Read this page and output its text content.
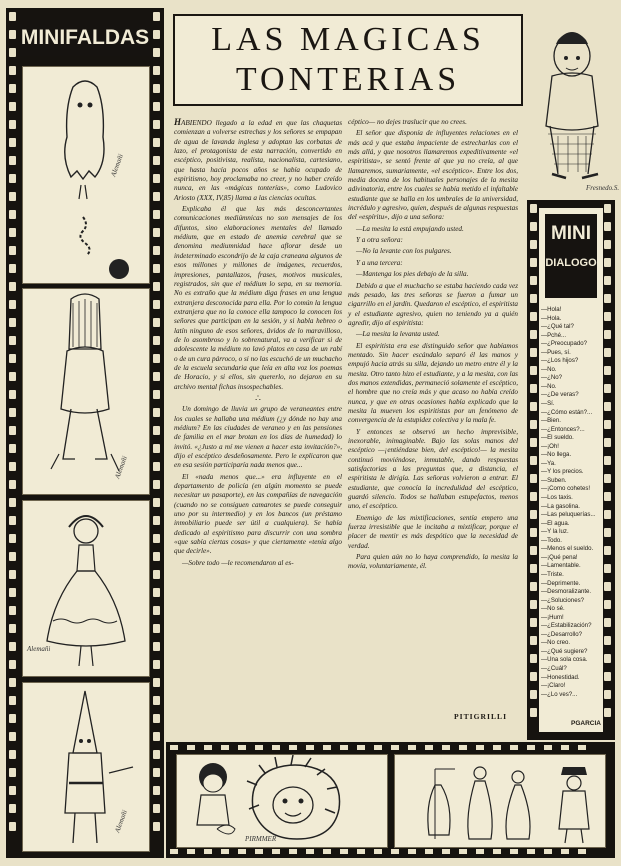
MINIFALDAS
Alemañi
Alemañi
Alemañi
Alemañi
LAS MAGICAS
TONTERIAS

HABIENDO llegado a la edad en que las chaquetas comienzan a volverse estrechas y los señores se empapan de agua de lavanda inglesa y adoptan las corbatas de lazo, el protagonista de esta narración, convertido en escéptico, positivista, realista, nacionalista, cartesiano, que hasta hacía pocos años se había ocupado de espiritismo, hoy proclamaba no creer, y no haber creído nunca, en las «mágicas tonterías», como Ludovico Ariosto (XXX, IV,85) llama a las ciencias ocultas.

Explicaba él que las más desconcertantes comunicaciones mediúmnicas no son mensajes de los difuntos, sino elaboraciones mentales del llamado médium, que en estado de anemia cerebral que se denomina mediumnidad hace aflorar desde un indeterminado escondrijo de la caja craneana algunos de esos millones y millones de imágenes, recuerdos, impresiones, pantallazos, frases, motivos musicales, registrados, sin que el médium lo sepa, en su memoria. No es extraño que la médium diga frases en una lengua extranjera desconocida para ella. Por lo común la lengua extranjera que no la conoce ella tampoco la conocen los señores que participan en la sesión, y si habla hebreo o latín ninguno de esos señores, ávidos de lo maravilloso, de lo asombroso y lo sobrenatural, va a verificar si de adolescente la médium no lavó platos en casa de un rabí o de un cura párroco, o si no las escuchó de un muchacho de la escuela secundaria que leía en alta voz los poemas de Horacio, y si ellos, sin quererlo, no dejaron en su archivo mental fichas insospechables.

∴

Un domingo de lluvia un grupo de veraneantes entre los cuales se hallaba una médium (¿y dónde no hay una médium? En las ciudades de veraneo y en las pensiones de familia en el mar brotan en los días de humedad) lo invitó. «¿Justo a mí me vienen a hacer esta invitación?», dijo el escéptico desdeñosamente. Pero le explicaron que en esa sesión participaría nada menos que...

El «nada menos que...» era influyente en el departamento de policía (en algún momento se puede necesitar un pasaporte), en las compañías de navegación (cuando no se consiguen camarotes se puede conseguir uno por su intermedio) y en los bancos (un préstamo inmobiliario puede ser útil a cualquiera). Se había dedicado al espiritismo para discurrir con una sombra «que sabía ciertas cosas» y que ciertamente «tenía algo que decirle».

—Sobre todo —le recomendaron al es-

céptico— no dejes traslucir que no crees.

El señor que disponía de influyentes relaciones en el más acá y que estaba impaciente de estrecharlas con el más allá, y que nosotros llamaremos expeditivamente «el espiritista», se sentó frente al que ya no creía, al que llamaremos, sumariamente, «el escéptico». Entre los dos, media docena de los habituales personajes de la mesita adivinatoria, entre los cuales se había metido el infaltable estudiante que se halla en los umbrales de la universidad, incrédulo y agresivo, quien, después de algunas respuestas del «espíritu», dijo a una señora:

—La mesita la está empujando usted.

Y a otra señora:

—No la levante con los pulgares.

Y a una tercera:

—Mantenga los pies debajo de la silla.

Debido a que el muchacho se estaba haciendo cada vez más pesado, las tres señoras se fueron a fumar un cigarrillo en el jardín. Quedaron el escéptico, el espiritista y el estudiante agresivo, quien no teniendo ya a quién agredir, dijo al espiritista:

—La mesita la levanta usted.

El espiritista era ese distinguido señor que habíamos mentado. Sin hacer escándalo separó él las manos y empujó hacia atrás su silla, dejando un metro entre él y la mesita. Otro tanto hizo el estudiante, y a la mesita, con las dos manos extendidas, permaneció solamente el escéptico, el hombre que no creía más y que acaso no había creído nunca, y que en otras ocasiones había explicado que la mesita la mueven los espiritistas por un fenómeno de convergencia de la estupidez colectiva y la mala fe.

Y entonces se observó un hecho imprevisible, inexorable, inimaginable. Bajo las solas manos del escéptico —¡entiéndase bien, del escéptico!— la mesita continuó moviéndose, inmutable, dando respuestas satisfactorias a las preguntas que, a distancia, el espiritista le dirigía. Las señoras volvieron a entrar. El estudiante, que conocía la incredulidad del escéptico, guardó silencio. Todos se hallaban estupefactos, menos uno, el escéptico.

Enemigo de las mixtificaciones, sentía empero una fuerza irresistible que le incitaba a mixtificar, porque el placer de mentir es más despótico que la necesidad de verdad.

Para quien aún no lo haya comprendido, la mesita la movía, voluntariamente, él.

PITIGRILLI
Fresnedo.S.
MINI
DIALOGO
—Hola!
—Hola.
—¿Qué tal?
—Pché...
—¿Preocupado?
—Pues, sí.
—¿Los hijos?
—No.
—¿No?
—No.
—¿De veras?
—Sí.
—¿Cómo están?...
—Bien.
—¿Entonces?...
—El sueldo.
—¡Oh!
—No llega.
—Ya.
—Y los precios.
—Suben.
—¡Como cohetes!
—Los taxis.
—La gasolina.
—Las peluquerías...
—El agua.
—Y la luz.
—Todo.
—Menos el sueldo.
—¡Qué pena!
—Lamentable.
—Triste.
—Deprimente.
—Desmoralizante.
—¿Soluciones?
—No sé.
—¡Hum!
—¿Estabilización?
—¿Desarrollo?
—No creo.
—¿Qué sugiere?
—Una sola cosa.
—¿Cuál?
—Honestidad.
—¡Claro!
—¿Lo ves?...
PGARCIA
PIRMMER
